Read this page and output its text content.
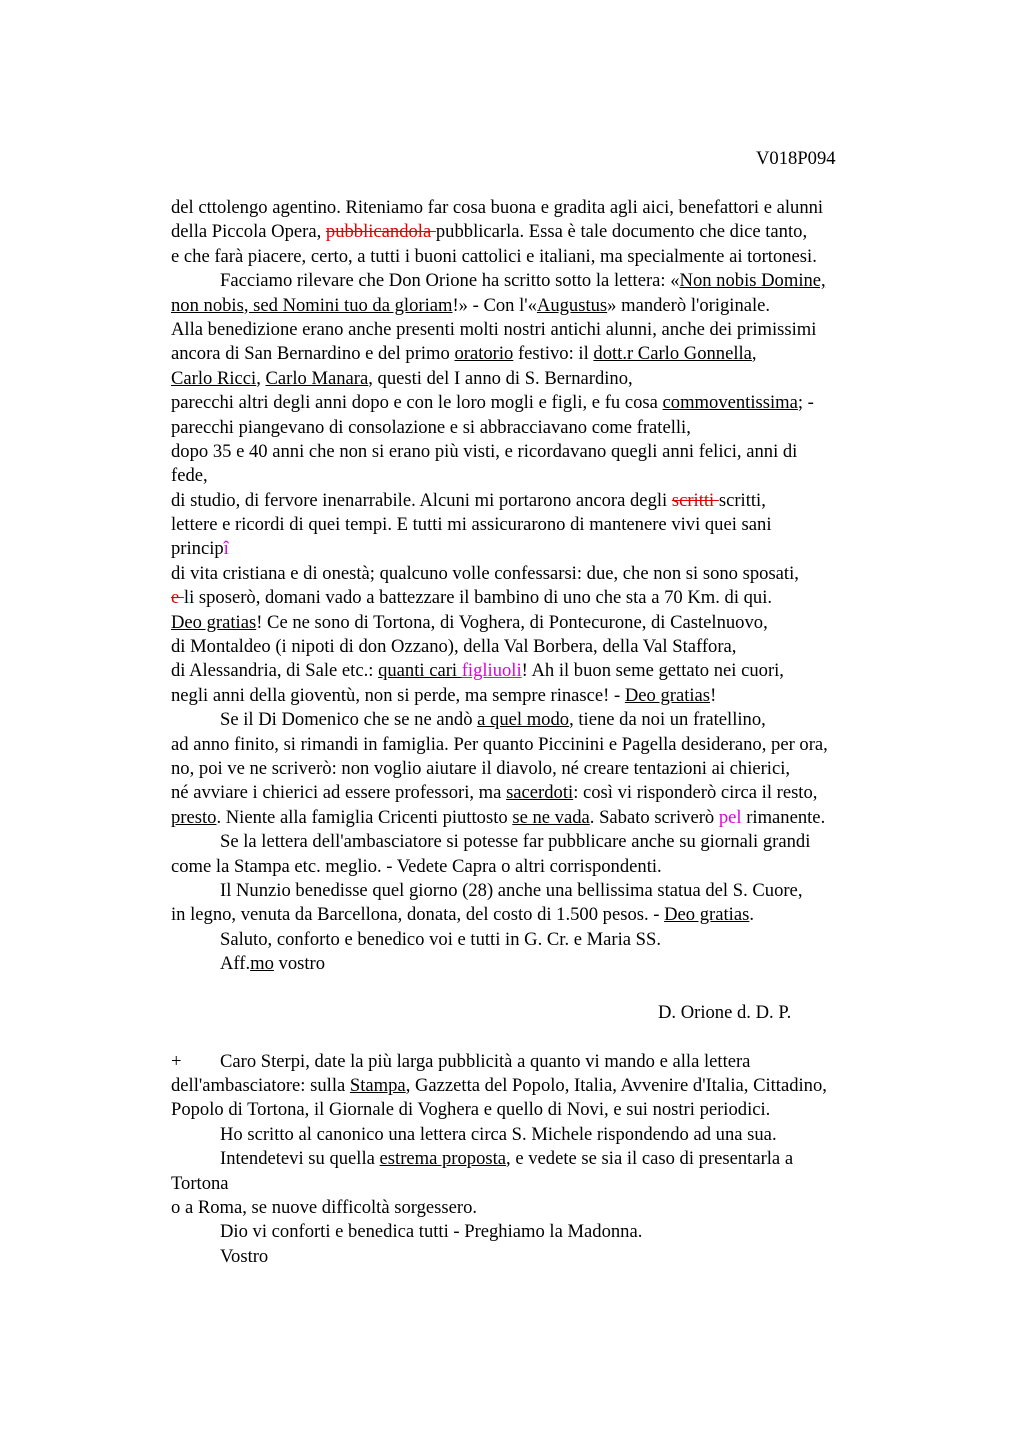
V018P094
del cttolengo agentino. Riteniamo far cosa buona e gradita agli aici, benefattori e alunni
della Piccola Opera, pubblicandola pubblicarla. Essa è tale documento che dice tanto,
e che farà piacere, certo, a tutti i buoni cattolici e italiani, ma specialmente ai tortonesi.
Facciamo rilevare che Don Orione ha scritto sotto la lettera: «Non nobis Domine,
non nobis, sed Nomini tuo da gloriam!» - Con l'«Augustus» manderò l'originale.
Alla benedizione erano anche presenti molti nostri antichi alunni, anche dei primissimi
ancora di San Bernardino e del primo oratorio festivo: il dott.r Carlo Gonnella,
Carlo Ricci, Carlo Manara, questi del I anno di S. Bernardino,
parecchi altri degli anni dopo e con le loro mogli e figli, e fu cosa commoventissima; -
parecchi piangevano di consolazione e si abbracciavano come fratelli,
dopo 35 e 40 anni che non si erano più visti, e ricordavano quegli anni felici, anni di
fede,
di studio, di fervore inenarrabile. Alcuni mi portarono ancora degli scritti scritti,
lettere e ricordi di quei tempi. E tutti mi assicurarono di mantenere vivi quei sani
principî
di vita cristiana e di onestà; qualcuno volle confessarsi: due, che non si sono sposati,
e li sposerò, domani vado a battezzare il bambino di uno che sta a 70 Km. di qui.
Deo gratias! Ce ne sono di Tortona, di Voghera, di Pontecurone, di Castelnuovo,
di Montaldeo (i nipoti di don Ozzano), della Val Borbera, della Val Staffora,
di Alessandria, di Sale etc.: quanti cari figliuoli! Ah il buon seme gettato nei cuori,
negli anni della gioventù, non si perde, ma sempre rinasce! - Deo gratias!
Se il Di Domenico che se ne andò a quel modo, tiene da noi un fratellino,
ad anno finito, si rimandi in famiglia. Per quanto Piccinini e Pagella desiderano, per ora,
no, poi ve ne scriverò: non voglio aiutare il diavolo, né creare tentazioni ai chierici,
né avviare i chierici ad essere professori, ma sacerdoti: così vi risponderò circa il resto,
presto. Niente alla famiglia Cricenti piuttosto se ne vada. Sabato scriverò pel rimanente.
Se la lettera dell'ambasciatore si potesse far pubblicare anche su giornali grandi
come la Stampa etc. meglio. - Vedete Capra o altri corrispondenti.
Il Nunzio benedisse quel giorno (28) anche una bellissima statua del S. Cuore,
in legno, venuta da Barcellona, donata, del costo di 1.500 pesos. - Deo gratias.
Saluto, conforto e benedico voi e tutti in G. Cr. e Maria SS.
Aff.mo vostro
D. Orione d. D. P.
+ Caro Sterpi, date la più larga pubblicità a quanto vi mando e alla lettera
dell'ambasciatore: sulla Stampa, Gazzetta del Popolo, Italia, Avvenire d'Italia, Cittadino,
Popolo di Tortona, il Giornale di Voghera e quello di Novi, e sui nostri periodici.
Ho scritto al canonico una lettera circa S. Michele rispondendo ad una sua.
Intendetevi su quella estrema proposta, e vedete se sia il caso di presentarla a
Tortona
o a Roma, se nuove difficoltà sorgessero.
Dio vi conforti e benedica tutti - Preghiamo la Madonna.
Vostro
